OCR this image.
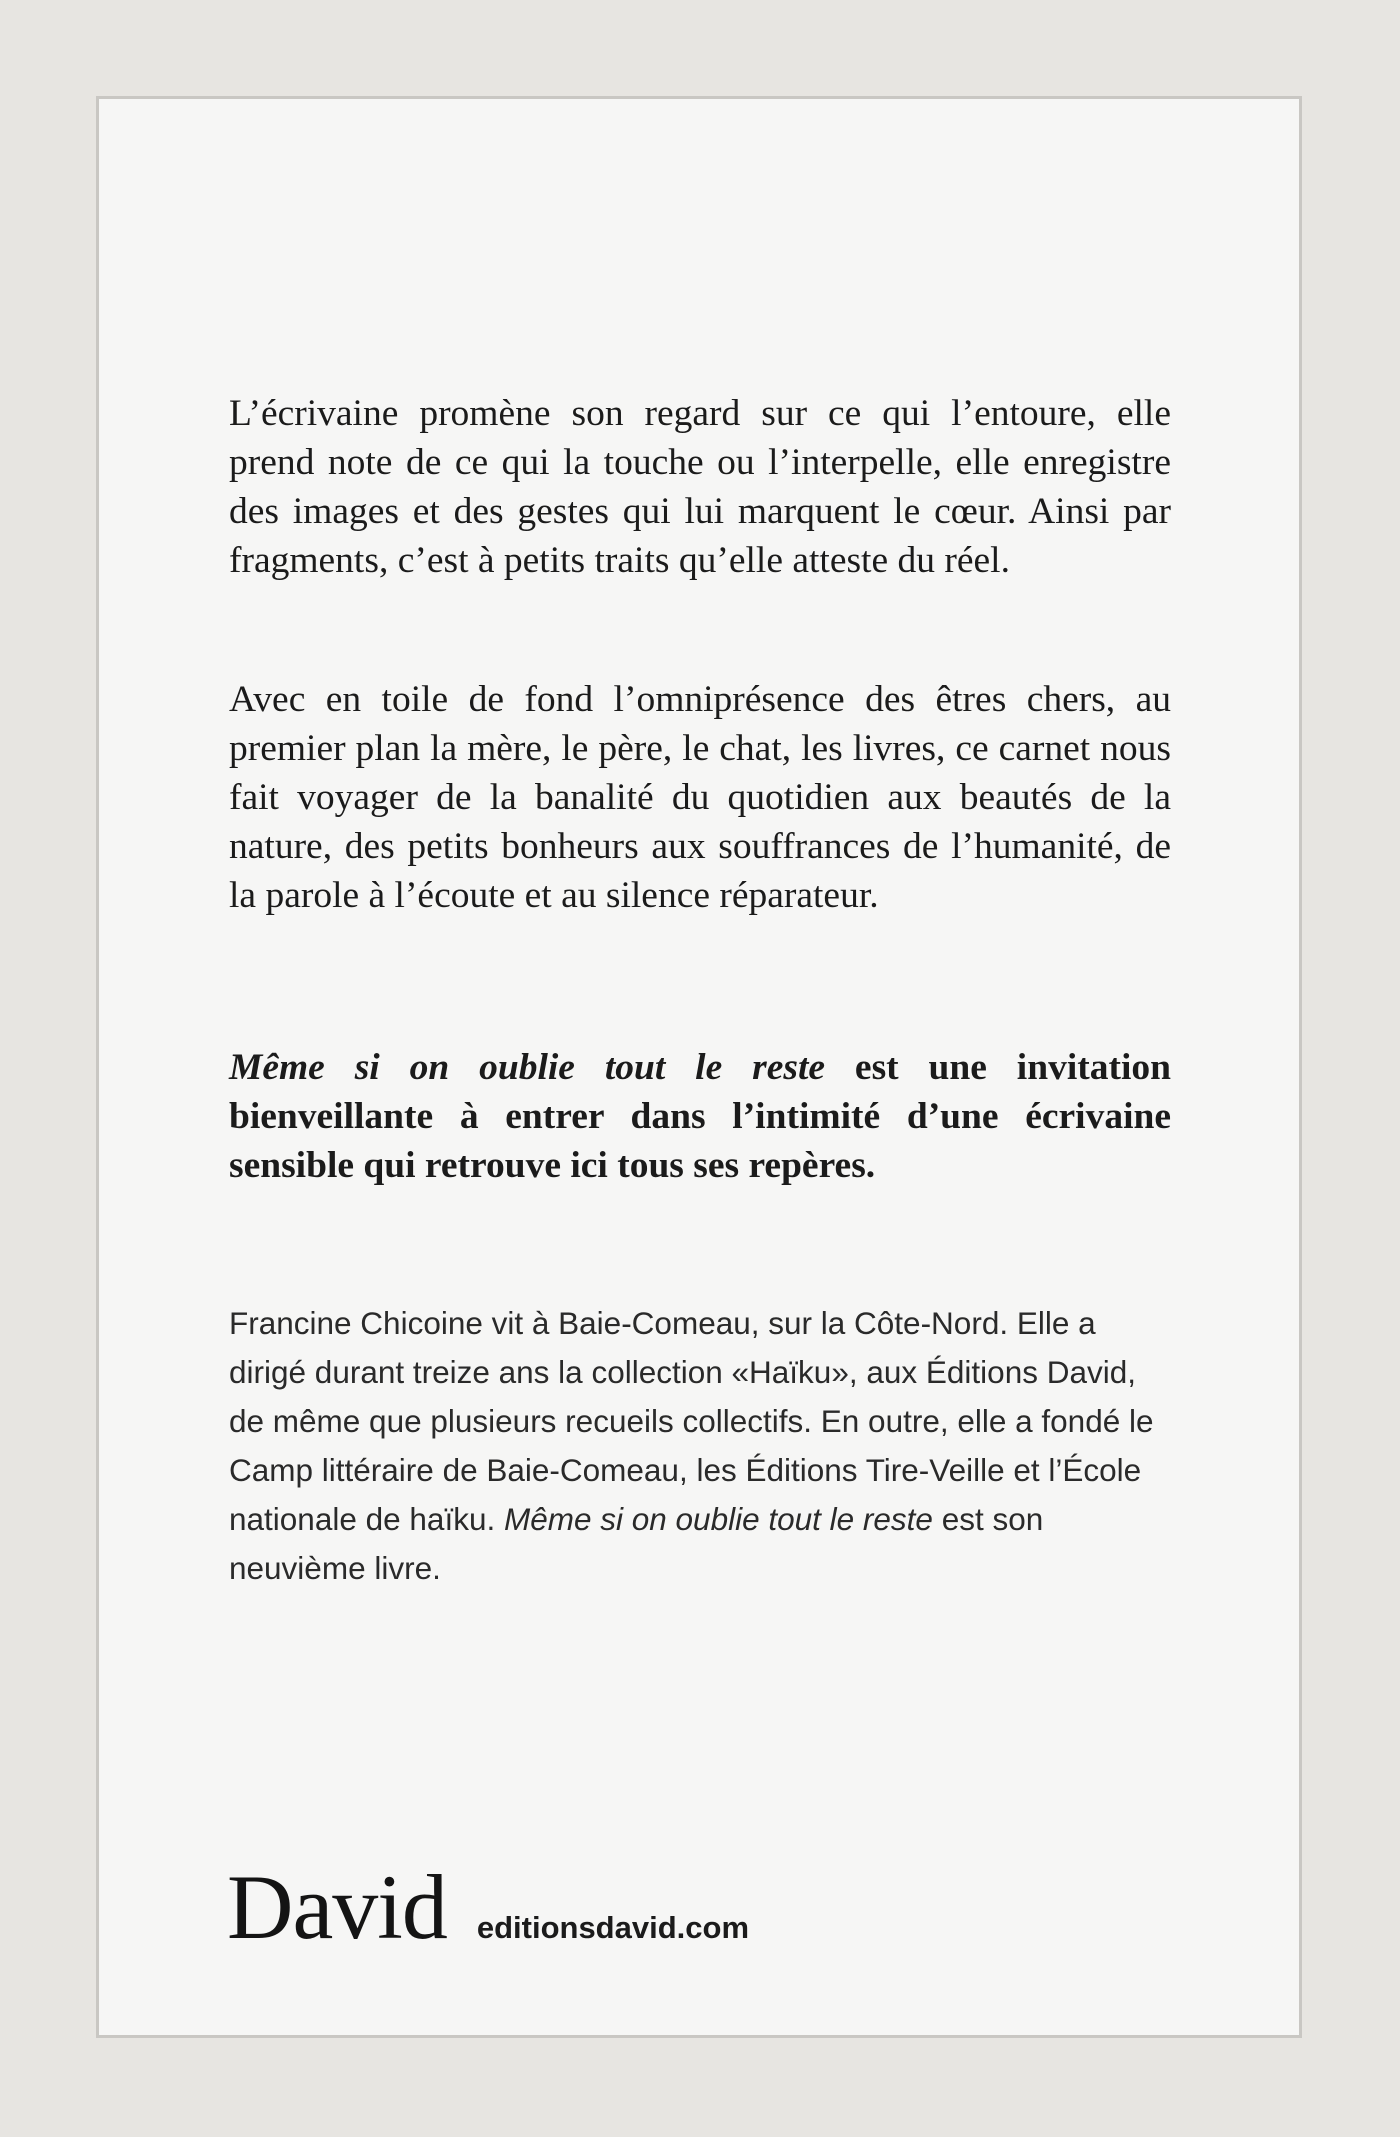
L’écrivaine promène son regard sur ce qui l’entoure, elle prend note de ce qui la touche ou l’interpelle, elle enregistre des images et des gestes qui lui marquent le cœur. Ainsi par fragments, c’est à petits traits qu’elle atteste du réel.

Avec en toile de fond l’omniprésence des êtres chers, au premier plan la mère, le père, le chat, les livres, ce carnet nous fait voyager de la banalité du quotidien aux beautés de la nature, des petits bonheurs aux souffrances de l’humanité, de la parole à l’écoute et au silence réparateur.

Même si on oublie tout le reste est une invitation bienveillante à entrer dans l’intimité d’une écrivaine sensible qui retrouve ici tous ses repères.

Francine Chicoine vit à Baie-Comeau, sur la Côte-Nord. Elle a dirigé durant treize ans la collection «Haïku», aux Éditions David, de même que plusieurs recueils collectifs. En outre, elle a fondé le Camp littéraire de Baie-Comeau, les Éditions Tire-Veille et l’École nationale de haïku. Même si on oublie tout le reste est son neuvième livre.

David editionsdavid.com
